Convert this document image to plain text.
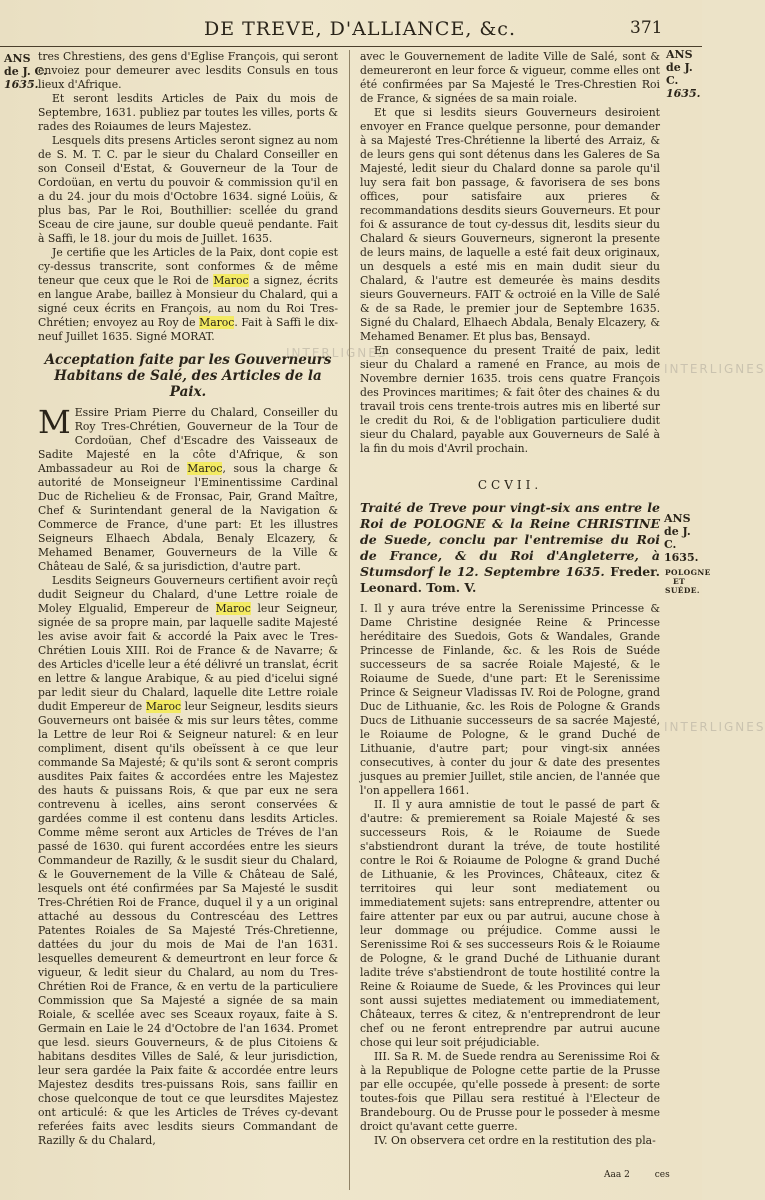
DE TREVE, D'ALLIANCE, &c.	371
ANS
de J. C.
1635.
ANS
de J. C.
1635.
ANS
de J. C.
1635.
POLOGNE
ET
SUÉDE.
INTERLIGNES
INTERLIGNES
INTERLIGNES

tres Chrestiens, des gens d'Eglise François, qui seront envoiez pour demeurer avec lesdits Consuls en tous lieux d'Afrique.

Et seront lesdits Articles de Paix du mois de Septembre, 1631. publiez par toutes les villes, ports & rades des Roiaumes de leurs Majestez.

Lesquels dits presens Articles seront signez au nom de S. M. T. C. par le sieur du Chalard Conseiller en son Conseil d'Estat, & Gouverneur de la Tour de Cordoüan, en vertu du pouvoir & commission qu'il en a du 24. jour du mois d'Octobre 1634. signé Loüis, & plus bas, Par le Roi, Bouthillier: scellée du grand Sceau de cire jaune, sur double queuë pendante. Fait à Saffi, le 18. jour du mois de Juillet. 1635.

Je certifie que les Articles de la Paix, dont copie est cy-dessus transcrite, sont conformes & de même teneur que ceux que le Roi de Maroc a signez, écrits en langue Arabe, baillez à Monsieur du Chalard, qui a signé ceux écrits en François, au nom du Roi Tres-Chrétien; envoyez au Roy de Maroc. Fait à Saffi le dix-neuf Juillet 1635. Signé MORAT.

Acceptation faite par les Gouverneurs Habitans de Salé, des Articles de la Paix.

M Essire Priam Pierre du Chalard, Conseiller du Roy Tres-Chrétien, Gouverneur de la Tour de Cordoüan, Chef d'Escadre des Vaisseaux de Sadite Majesté en la côte d'Afrique, & son Ambassadeur au Roi de Maroc, sous la charge & autorité de Monseigneur l'Eminentissime Cardinal Duc de Richelieu & de Fronsac, Pair, Grand Maître, Chef & Surintendant general de la Navigation & Commerce de France, d'une part: Et les illustres Seigneurs Elhaech Abdala, Benaly Elcazery, & Mehamed Benamer, Gouverneurs de la Ville & Château de Salé, & sa jurisdiction, d'autre part.

Lesdits Seigneurs Gouverneurs certifient avoir reçû dudit Seigneur du Chalard, d'une Lettre roiale de Moley Elgualid, Empereur de Maroc leur Seigneur, signée de sa propre main, par laquelle sadite Majesté les avise avoir fait & accordé la Paix avec le Tres-Chrétien Louis XIII. Roi de France & de Navarre; & des Articles d'icelle leur a été délivré un translat, écrit en lettre & langue Arabique, & au pied d'icelui signé par ledit sieur du Chalard, laquelle dite Lettre roiale dudit Empereur de Maroc leur Seigneur, lesdits sieurs Gouverneurs ont baisée & mis sur leurs têtes, comme la Lettre de leur Roi & Seigneur naturel: & en leur compliment, disent qu'ils obeïssent à ce que leur commande Sa Majesté; & qu'ils sont & seront compris ausdites Paix faites & accordées entre les Majestez des hauts & puissans Rois, & que par eux ne sera contrevenu à icelles, ains seront conservées & gardées comme il est contenu dans lesdits Articles. Comme même seront aux Articles de Tréves de l'an passé de 1630. qui furent accordées entre les sieurs Commandeur de Razilly, & le susdit sieur du Chalard, & le Gouvernement de la Ville & Château de Salé, lesquels ont été confirmées par Sa Majesté le susdit Tres-Chrétien Roi de France, duquel il y a un original attaché au dessous du Contrescéau des Lettres Patentes Roiales de Sa Majesté Trés-Chretienne, dattées du jour du mois de Mai de l'an 1631. lesquelles demeurent & demeurtront en leur force & vigueur, & ledit sieur du Chalard, au nom du Tres-Chrétien Roi de France, & en vertu de la particuliere Commission que Sa Majesté a signée de sa main Roiale, & scellée avec ses Sceaux royaux, faite à S. Germain en Laie le 24 d'Octobre de l'an 1634. Promet que lesd. sieurs Gouverneurs, & de plus Citoiens & habitans desdites Villes de Salé, & leur jurisdiction, leur sera gardée la Paix faite & accordée entre leurs Majestez desdits tres-puissans Rois, sans faillir en chose quelconque de tout ce que leursdites Majestez ont articulé: & que les Articles de Tréves cy-devant referées faits avec lesdits sieurs Commandant de Razilly & du Chalard,

avec le Gouvernement de ladite Ville de Salé, sont & demeureront en leur force & vigueur, comme elles ont été confirmées par Sa Majesté le Tres-Chrestien Roi de France, & signées de sa main roiale.

Et que si lesdits sieurs Gouverneurs desiroient envoyer en France quelque personne, pour demander à sa Majesté Tres-Chrétienne la liberté des Arraiz, & de leurs gens qui sont détenus dans les Galeres de Sa Majesté, ledit sieur du Chalard donne sa parole qu'il luy sera fait bon passage, & favorisera de ses bons offices, pour satisfaire aux prieres & recommandations desdits sieurs Gouverneurs. Et pour foi & assurance de tout cy-dessus dit, lesdits sieur du Chalard & sieurs Gouverneurs, signeront la presente de leurs mains, de laquelle a esté fait deux originaux, un desquels a esté mis en main dudit sieur du Chalard, & l'autre est demeurée ès mains desdits sieurs Gouverneurs. FAIT & octroié en la Ville de Salé & de sa Rade, le premier jour de Septembre 1635. Signé du Chalard, Elhaech Abdala, Benaly Elcazery, & Mehamed Benamer. Et plus bas, Bensayd.

En consequence du present Traité de paix, ledit sieur du Chalard a ramené en France, au mois de Novembre dernier 1635. trois cens quatre François des Provinces maritimes; & fait ôter des chaines & du travail trois cens trente-trois autres mis en liberté sur le credit du Roi, & de l'obligation particuliere dudit sieur du Chalard, payable aux Gouverneurs de Salé à la fin du mois d'Avril prochain.

CCVII.
Traité de Treve pour vingt-six ans entre le Roi de POLOGNE & la Reine CHRISTINE de Suede, conclu par l'entremise du Roi de France, & du Roi d'Angleterre, à Stumsdorf le 12. Septembre 1635. Freder. Leonard. Tom. V.

I. Il y aura tréve entre la Serenissime Princesse & Dame Christine designée Reine & Princesse heréditaire des Suedois, Gots & Wandales, Grande Princesse de Finlande, &c. & les Rois de Suéde successeurs de sa sacrée Roiale Majesté, & le Roiaume de Suede, d'une part: Et le Serenissime Prince & Seigneur Vladissas IV. Roi de Pologne, grand Duc de Lithuanie, &c. les Rois de Pologne & Grands Ducs de Lithuanie successeurs de sa sacrée Majesté, le Roiaume de Pologne, & le grand Duché de Lithuanie, d'autre part; pour vingt-six années consecutives, à conter du jour & date des presentes jusques au premier Juillet, stile ancien, de l'année que l'on appellera 1661.

II. Il y aura amnistie de tout le passé de part & d'autre: & premierement sa Roiale Majesté & ses successeurs Rois, & le Roiaume de Suede s'abstiendront durant la tréve, de toute hostilité contre le Roi & Roiaume de Pologne & grand Duché de Lithuanie, & les Provinces, Châteaux, citez & territoires qui leur sont mediatement ou immediatement sujets: sans entreprendre, attenter ou faire attenter par eux ou par autrui, aucune chose à leur dommage ou préjudice. Comme aussi le Serenissime Roi & ses successeurs Rois & le Roiaume de Pologne, & le grand Duché de Lithuanie durant ladite tréve s'abstiendront de toute hostilité contre la Reine & Roiaume de Suede, & les Provinces qui leur sont aussi sujettes mediatement ou immediatement, Châteaux, terres & citez, & n'entreprendront de leur chef ou ne feront entreprendre par autrui aucune chose qui leur soit préjudiciable.

III. Sa R. M. de Suede rendra au Serenissime Roi & à la Republique de Pologne cette partie de la Prusse par elle occupée, qu'elle possede à present: de sorte toutes-fois que Pillau sera restitué à l'Electeur de Brandebourg. Ou de Prusse pour le posseder à mesme droict qu'avant cette guerre.

IV. On observera cet ordre en la restitution des pla-

Aaa 2	ces
